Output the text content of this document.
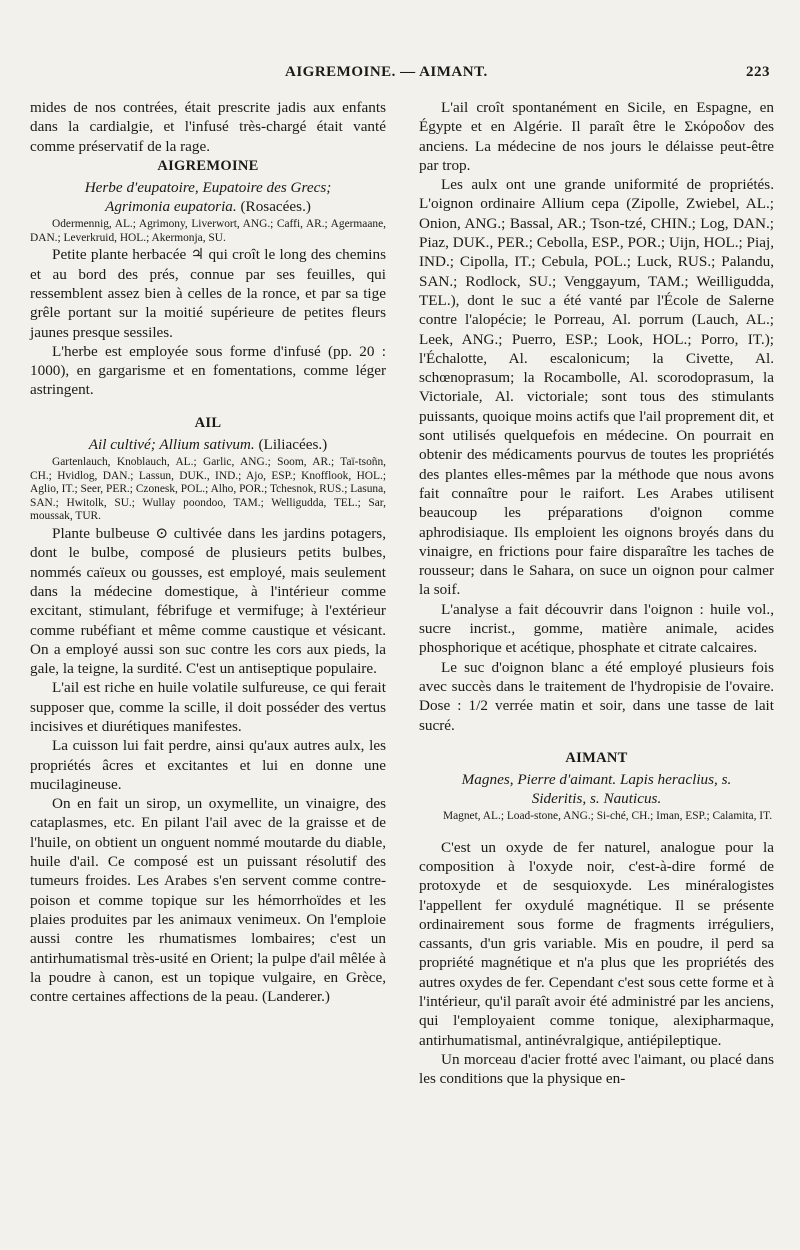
AIGREMOINE. — AIMANT.	223

mides de nos contrées, était prescrite jadis aux enfants dans la cardialgie, et l'infusé très-chargé était vanté comme préservatif de la rage.

AIGREMOINE
Herbe d'eupatoire, Eupatoire des Grecs;
Agrimonia eupatoria. (Rosacées.)

Odermennig, AL.; Agrimony, Liverwort, ANG.; Caffi, AR.; Agermaane, DAN.; Leverkruid, HOL.; Akermonja, SU.

Petite plante herbacée ♃ qui croît le long des chemins et au bord des prés, connue par ses feuilles, qui ressemblent assez bien à celles de la ronce, et par sa tige grêle portant sur la moitié supérieure de petites fleurs jaunes presque sessiles.

L'herbe est employée sous forme d'infusé (pp. 20 : 1000), en gargarisme et en fomentations, comme léger astringent.

AIL
Ail cultivé; Allium sativum. (Liliacées.)

Gartenlauch, Knoblauch, AL.; Garlic, ANG.; Soom, AR.; Taï-tsoñn, CH.; Hvidlog, DAN.; Lassun, DUK., IND.; Ajo, ESP.; Knofflook, HOL.; Aglio, IT.; Seer, PER.; Czonesk, POL.; Alho, POR.; Tchesnok, RUS.; Lasuna, SAN.; Hwitolk, SU.; Wullay poondoo, TAM.; Welligudda, TEL.; Sar, moussak, TUR.

Plante bulbeuse ⊙ cultivée dans les jardins potagers, dont le bulbe, composé de plusieurs petits bulbes, nommés caïeux ou gousses, est employé, mais seulement dans la médecine domestique, à l'intérieur comme excitant, stimulant, fébrifuge et vermifuge; à l'extérieur comme rubéfiant et même comme caustique et vésicant. On a employé aussi son suc contre les cors aux pieds, la gale, la teigne, la surdité. C'est un antiseptique populaire.

L'ail est riche en huile volatile sulfureuse, ce qui ferait supposer que, comme la scille, il doit posséder des vertus incisives et diurétiques manifestes.

La cuisson lui fait perdre, ainsi qu'aux autres aulx, les propriétés âcres et excitantes et lui en donne une mucilagineuse.

On en fait un sirop, un oxymellite, un vinaigre, des cataplasmes, etc. En pilant l'ail avec de la graisse et de l'huile, on obtient un onguent nommé moutarde du diable, huile d'ail. Ce composé est un puissant résolutif des tumeurs froides. Les Arabes s'en servent comme contre-poison et comme topique sur les hémorrhoïdes et les plaies produites par les animaux venimeux. On l'emploie aussi contre les rhumatismes lombaires; c'est un antirhumatismal très-usité en Orient; la pulpe d'ail mêlée à la poudre à canon, est un topique vulgaire, en Grèce, contre certaines affections de la peau. (Landerer.)

L'ail croît spontanément en Sicile, en Espagne, en Égypte et en Algérie. Il paraît être le Σκόροδον des anciens. La médecine de nos jours le délaisse peut-être par trop.

Les aulx ont une grande uniformité de propriétés. L'oignon ordinaire Allium cepa (Zipolle, Zwiebel, AL.; Onion, ANG.; Bassal, AR.; Tson-tzé, CHIN.; Log, DAN.; Piaz, DUK., PER.; Cebolla, ESP., POR.; Uijn, HOL.; Piaj, IND.; Cipolla, IT.; Cebula, POL.; Luck, RUS.; Palandu, SAN.; Rodlock, SU.; Venggayum, TAM.; Weilligudda, TEL.), dont le suc a été vanté par l'École de Salerne contre l'alopécie; le Porreau, Al. porrum (Lauch, AL.; Leek, ANG.; Puerro, ESP.; Look, HOL.; Porro, IT.); l'Échalotte, Al. escalonicum; la Civette, Al. schœnoprasum; la Rocambolle, Al. scorodoprasum, la Victoriale, Al. victoriale; sont tous des stimulants puissants, quoique moins actifs que l'ail proprement dit, et sont utilisés quelquefois en médecine. On pourrait en obtenir des médicaments pourvus de toutes les propriétés des plantes elles-mêmes par la méthode que nous avons fait connaître pour le raifort. Les Arabes utilisent beaucoup les préparations d'oignon comme aphrodisiaque. Ils emploient les oignons broyés dans du vinaigre, en frictions pour faire disparaître les taches de rousseur; dans le Sahara, on suce un oignon pour calmer la soif.

L'analyse a fait découvrir dans l'oignon : huile vol., sucre incrist., gomme, matière animale, acides phosphorique et acétique, phosphate et citrate calcaires.

Le suc d'oignon blanc a été employé plusieurs fois avec succès dans le traitement de l'hydropisie de l'ovaire. Dose : 1/2 verrée matin et soir, dans une tasse de lait sucré.

AIMANT
Magnes, Pierre d'aimant. Lapis heraclius, s.
Sideritis, s. Nauticus.

Magnet, AL.; Load-stone, ANG.; Si-ché, CH.; Iman, ESP.; Calamita, IT.

C'est un oxyde de fer naturel, analogue pour la composition à l'oxyde noir, c'est-à-dire formé de protoxyde et de sesquioxyde. Les minéralogistes l'appellent fer oxydulé magnétique. Il se présente ordinairement sous forme de fragments irréguliers, cassants, d'un gris variable. Mis en poudre, il perd sa propriété magnétique et n'a plus que les propriétés des autres oxydes de fer. Cependant c'est sous cette forme et à l'intérieur, qu'il paraît avoir été administré par les anciens, qui l'employaient comme tonique, alexipharmaque, antirhumatismal, antinévralgique, antiépileptique.

Un morceau d'acier frotté avec l'aimant, ou placé dans les conditions que la physique en-
